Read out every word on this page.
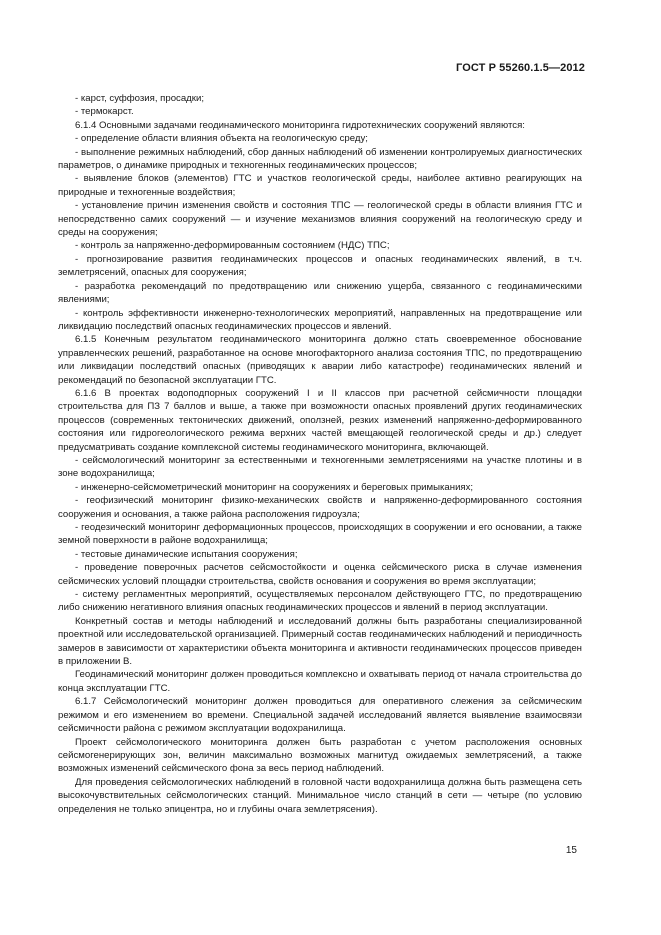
ГОСТ Р 55260.1.5—2012

- карст, суффозия, просадки;

- термокарст.

6.1.4 Основными задачами геодинамического мониторинга гидротехнических сооружений являются:

- определение области влияния объекта на геологическую среду;

- выполнение режимных наблюдений, сбор данных наблюдений об изменении контролируемых диагностических параметров, о динамике природных и техногенных геодинамических процессов;

- выявление блоков (элементов) ГТС и участков геологической среды, наиболее активно реагирующих на природные и техногенные воздействия;

- установление причин изменения свойств и состояния ТПС — геологической среды в области влияния ГТС и непосредственно самих сооружений — и изучение механизмов влияния сооружений на геологическую среду и среды на сооружения;

- контроль за напряженно-деформированным состоянием (НДС) ТПС;

- прогнозирование развития геодинамических процессов и опасных геодинамических явлений, в т.ч. землетрясений, опасных для сооружения;

- разработка рекомендаций по предотвращению или снижению ущерба, связанного с геодинамическими явлениями;

- контроль эффективности инженерно-технологических мероприятий, направленных на предотвращение или ликвидацию последствий опасных геодинамических процессов и явлений.

6.1.5 Конечным результатом геодинамического мониторинга должно стать своевременное обоснование управленческих решений, разработанное на основе многофакторного анализа состояния ТПС, по предотвращению или ликвидации последствий опасных (приводящих к аварии либо катастрофе) геодинамических явлений и рекомендаций по безопасной эксплуатации ГТС.

6.1.6 В проектах водоподпорных сооружений I и II классов при расчетной сейсмичности площадки строительства для ПЗ 7 баллов и выше, а также при возможности опасных проявлений других геодинамических процессов (современных тектонических движений, оползней, резких изменений напряженно-деформированного состояния или гидрогеологического режима верхних частей вмещающей геологической среды и др.) следует предусматривать создание комплексной системы геодинамического мониторинга, включающей.

- сейсмологический мониторинг за естественными и техногенными землетрясениями на участке плотины и в зоне водохранилища;

- инженерно-сейсмометрический мониторинг на сооружениях и береговых примыканиях;

- геофизический мониторинг физико-механических свойств и напряженно-деформированного состояния сооружения и основания, а также района расположения гидроузла;

- геодезический мониторинг деформационных процессов, происходящих в сооружении и его основании, а также земной поверхности в районе водохранилища;

- тестовые динамические испытания сооружения;

- проведение поверочных расчетов сейсмостойкости и оценка сейсмического риска в случае изменения сейсмических условий площадки строительства, свойств основания и сооружения во время эксплуатации;

- систему регламентных мероприятий, осуществляемых персоналом действующего ГТС, по предотвращению либо снижению негативного влияния опасных геодинамических процессов и явлений в период эксплуатации.

Конкретный состав и методы наблюдений и исследований должны быть разработаны специализированной проектной или исследовательской организацией. Примерный состав геодинамических наблюдений и периодичность замеров в зависимости от характеристики объекта мониторинга и активности геодинамических процессов приведен в приложении В.

Геодинамический мониторинг должен проводиться комплексно и охватывать период от начала строительства до конца эксплуатации ГТС.

6.1.7 Сейсмологический мониторинг должен проводиться для оперативного слежения за сейсмическим режимом и его изменением во времени. Специальной задачей исследований является выявление взаимосвязи сейсмичности района с режимом эксплуатации водохранилища.

Проект сейсмологического мониторинга должен быть разработан с учетом расположения основных сейсмогенерирующих зон, величин максимально возможных магнитуд ожидаемых землетрясений, а также возможных изменений сейсмического фона за весь период наблюдений.

Для проведения сейсмологических наблюдений в головной части водохранилища должна быть размещена сеть высокочувствительных сейсмологических станций. Минимальное число станций в сети — четыре (по условию определения не только эпицентра, но и глубины очага землетрясения).

15
